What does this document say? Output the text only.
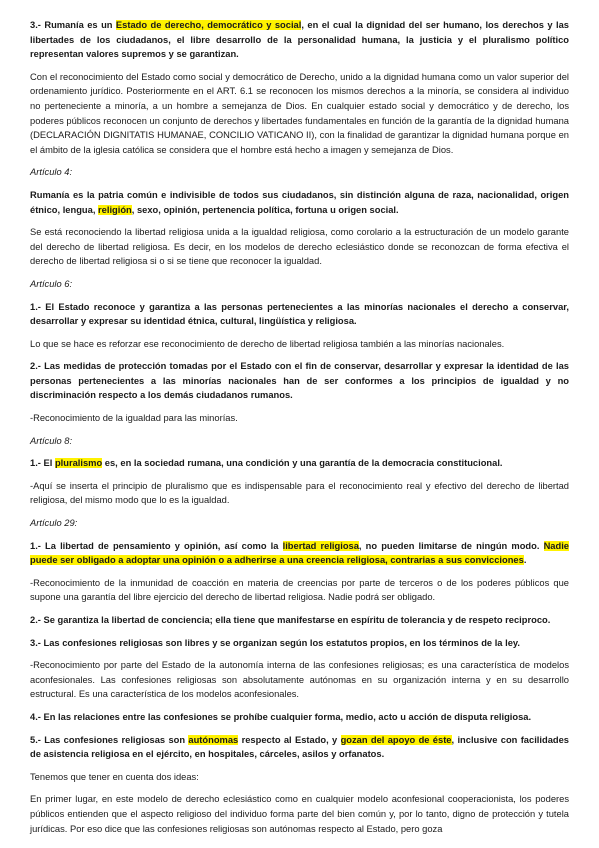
3.- Rumanía es un Estado de derecho, democrático y social, en el cual la dignidad del ser humano, los derechos y las libertades de los ciudadanos, el libre desarrollo de la personalidad humana, la justicia y el pluralismo político representan valores supremos y se garantizan.

Con el reconocimiento del Estado como social y democrático de Derecho, unido a la dignidad humana como un valor superior del ordenamiento jurídico. Posteriormente en el ART. 6.1 se reconocen los mismos derechos a la minoría, se considera al individuo no perteneciente a minoría, a un hombre a semejanza de Dios. En cualquier estado social y democrático y de derecho, los poderes públicos reconocen un conjunto de derechos y libertades fundamentales en función de la garantía de la dignidad humana (DECLARACIÓN DIGNITATIS HUMANAE, CONCILIO VATICANO II), con la finalidad de garantizar la dignidad humana porque en el ámbito de la iglesia católica se considera que el hombre está hecho a imagen y semejanza de Dios.

Artículo 4:

Rumanía es la patria común e indivisible de todos sus ciudadanos, sin distinción alguna de raza, nacionalidad, origen étnico, lengua, religión, sexo, opinión, pertenencia política, fortuna u origen social.

Se está reconociendo la libertad religiosa unida a la igualdad religiosa, como corolario a la estructuración de un modelo garante del derecho de libertad religiosa. Es decir, en los modelos de derecho eclesiástico donde se reconozcan de forma efectiva el derecho de libertad religiosa si o si se tiene que reconocer la igualdad.

Artículo 6:

1.- El Estado reconoce y garantiza a las personas pertenecientes a las minorías nacionales el derecho a conservar, desarrollar y expresar su identidad étnica, cultural, lingüística y religiosa.

Lo que se hace es reforzar ese reconocimiento de derecho de libertad religiosa también a las minorías nacionales.

2.- Las medidas de protección tomadas por el Estado con el fin de conservar, desarrollar y expresar la identidad de las personas pertenecientes a las minorías nacionales han de ser conformes a los principios de igualdad y no discriminación respecto a los demás ciudadanos rumanos.

-Reconocimiento de la igualdad para las minorías.

Artículo 8:

1.- El pluralismo es, en la sociedad rumana, una condición y una garantía de la democracia constitucional.

-Aquí se inserta el principio de pluralismo que es indispensable para el reconocimiento real y efectivo del derecho de libertad religiosa, del mismo modo que lo es la igualdad.

Artículo 29:

1.- La libertad de pensamiento y opinión, así como la libertad religiosa, no pueden limitarse de ningún modo. Nadie puede ser obligado a adoptar una opinión o a adherirse a una creencia religiosa, contrarias a sus convicciones.

-Reconocimiento de la inmunidad de coacción en materia de creencias por parte de terceros o de los poderes públicos que supone una garantía del libre ejercicio del derecho de libertad religiosa. Nadie podrá ser obligado.

2.- Se garantiza la libertad de conciencia; ella tiene que manifestarse en espíritu de tolerancia y de respeto reciproco.

3.- Las confesiones religiosas son libres y se organizan según los estatutos propios, en los términos de la ley.

-Reconocimiento por parte del Estado de la autonomía interna de las confesiones religiosas; es una característica de modelos aconfesionales. Las confesiones religiosas son absolutamente autónomas en su organización interna y en su desarrollo estructural. Es una característica de los modelos aconfesionales.

4.- En las relaciones entre las confesiones se prohíbe cualquier forma, medio, acto u acción de disputa religiosa.

5.- Las confesiones religiosas son autónomas respecto al Estado, y gozan del apoyo de éste, inclusive con facilidades de asistencia religiosa en el ejército, en hospitales, cárceles, asilos y orfanatos.

Tenemos que tener en cuenta dos ideas:

En primer lugar, en este modelo de derecho eclesiástico como en cualquier modelo aconfesional cooperacionista, los poderes públicos entienden que el aspecto religioso del individuo forma parte del bien común y, por lo tanto, digno de protección y tutela jurídicas. Por eso dice que las confesiones religiosas son autónomas respecto al Estado, pero goza
